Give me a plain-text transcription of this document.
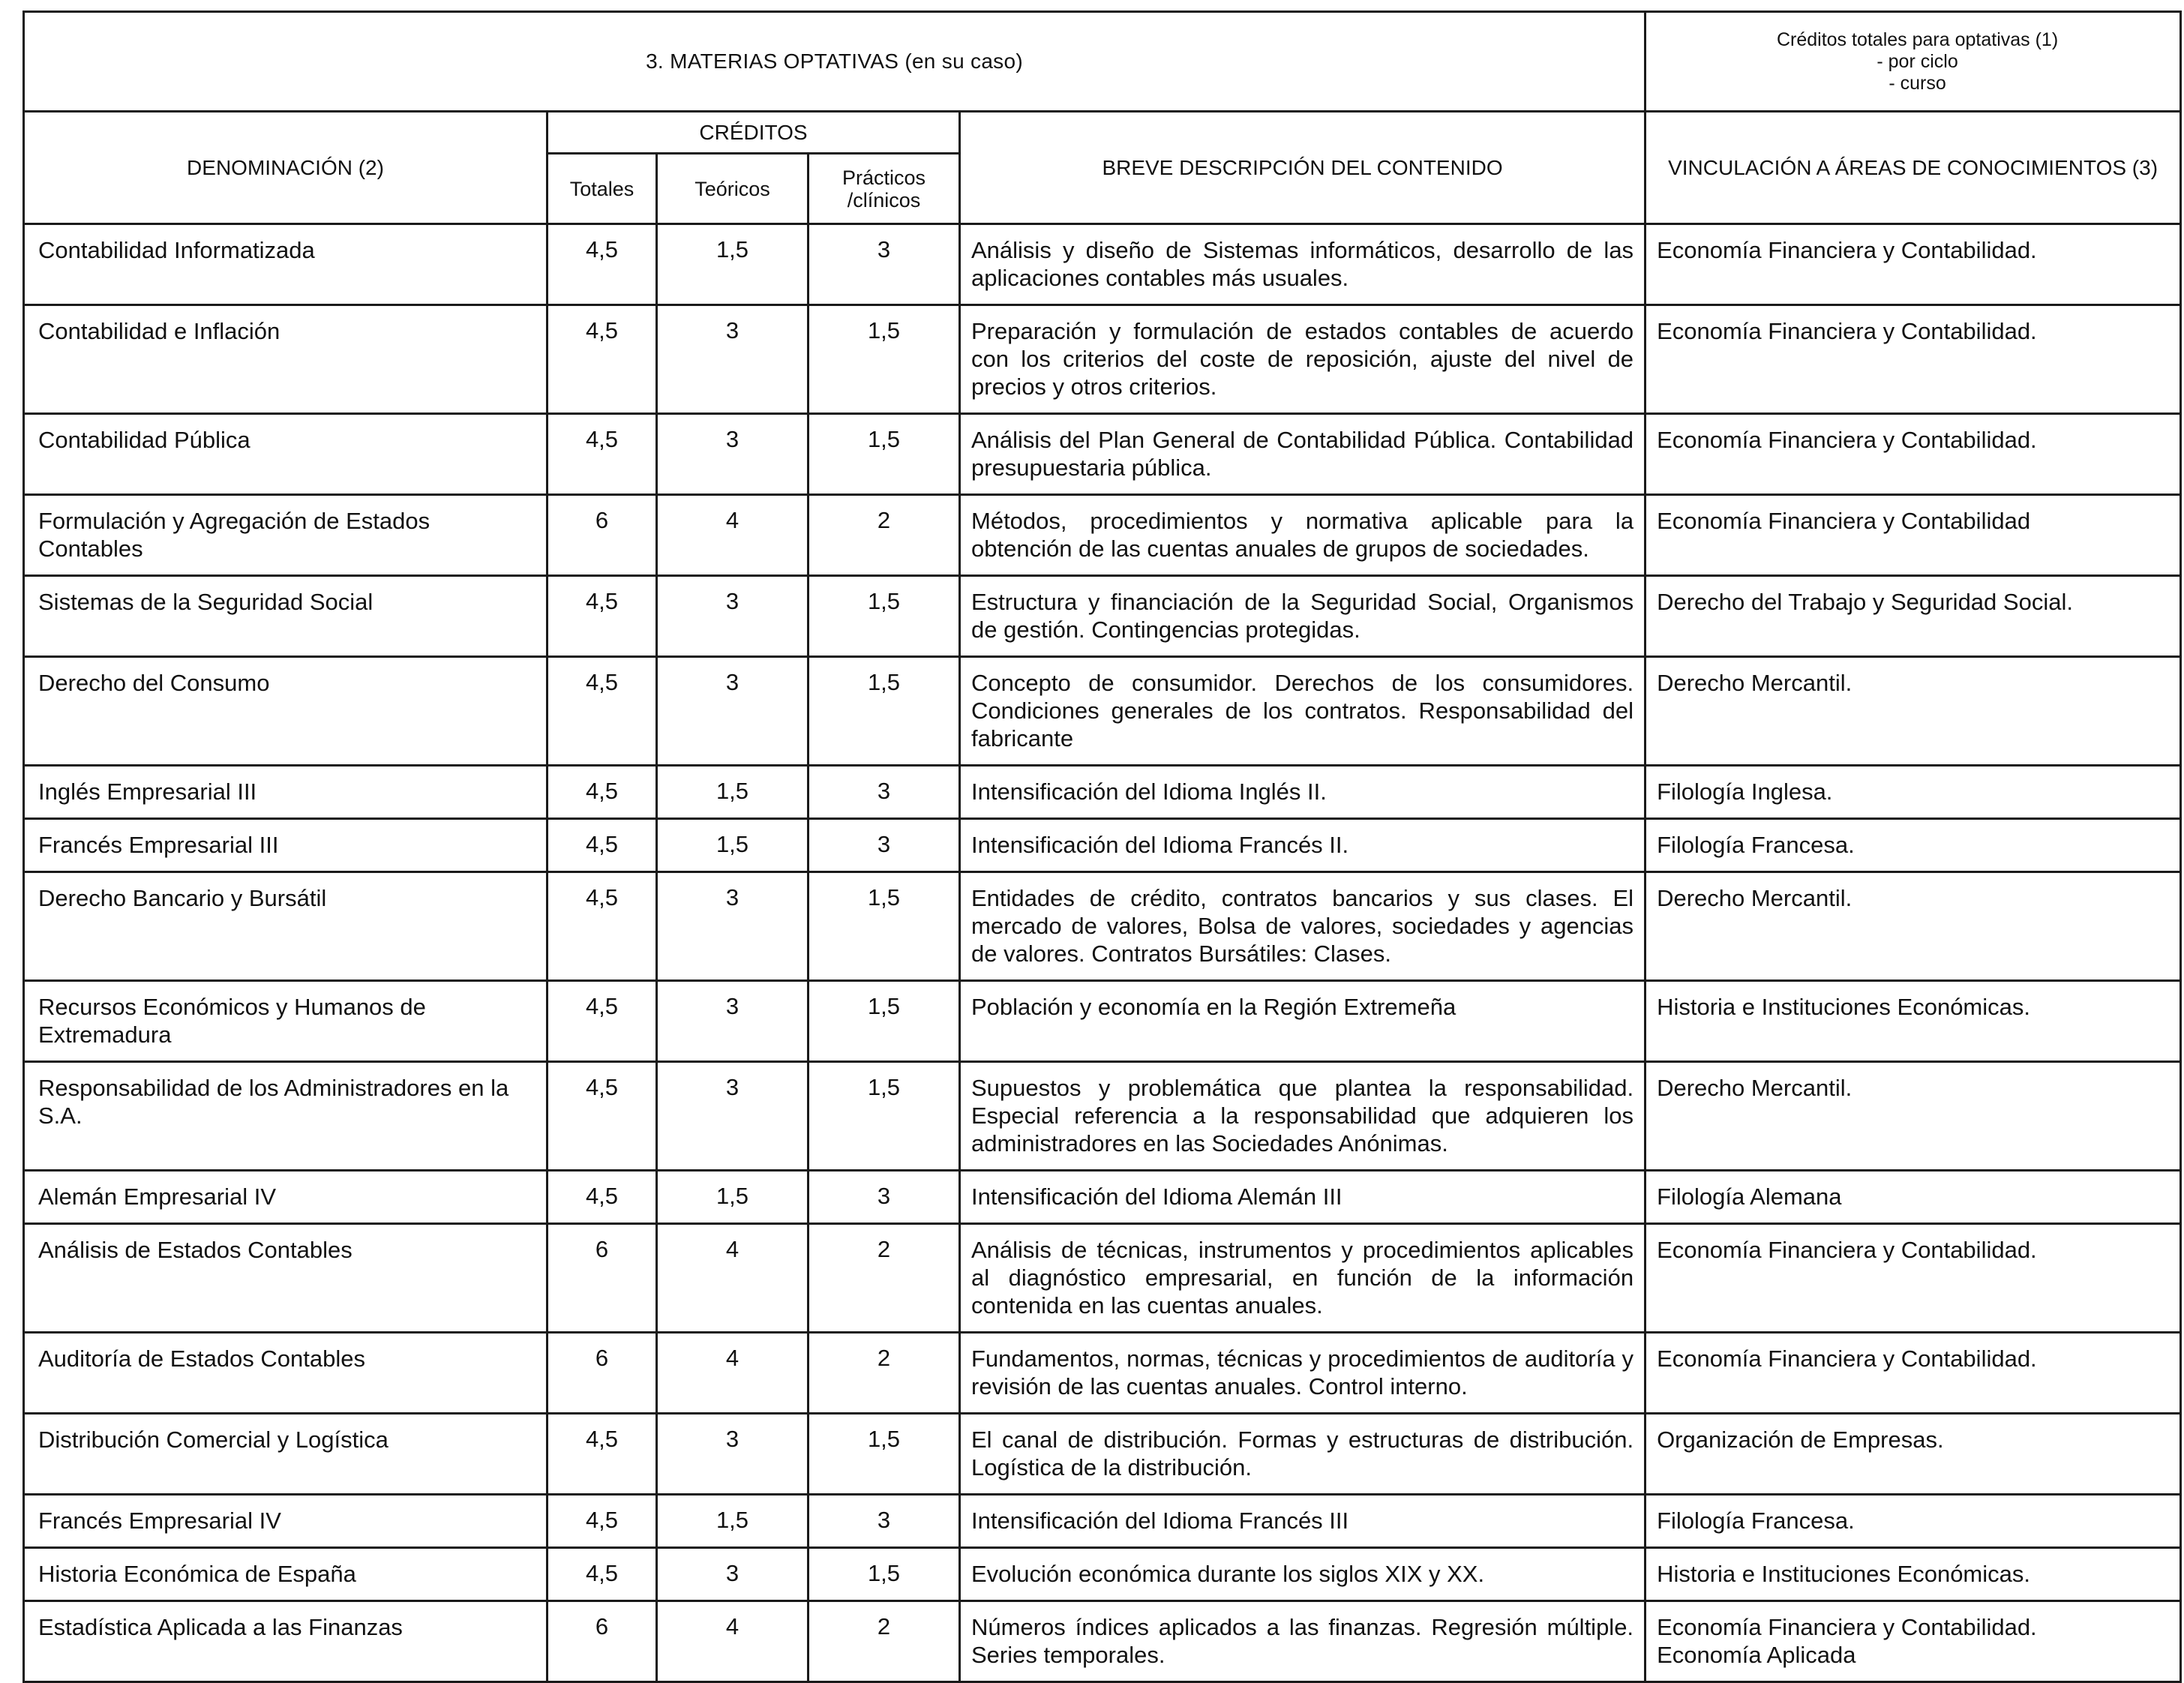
3. MATERIAS OPTATIVAS (en su caso)					Créditos totales para optativas (1)
- por ciclo
- curso

DENOMINACIÓN (2)	CRÉDITOS			BREVE DESCRIPCIÓN DEL CONTENIDO	VINCULACIÓN A ÁREAS DE CONOCIMIENTOS (3)
	Totales	Teóricos	Prácticos
/clínicos		

Contabilidad Informatizada	4,5	1,5	3	Análisis y diseño de Sistemas informáticos, desarrollo de las aplicaciones contables más usuales.	Economía Financiera y Contabilidad.

Contabilidad e Inflación	4,5	3	1,5	Preparación y formulación de estados contables de acuerdo con los criterios del coste de reposición, ajuste del nivel de precios y otros criterios.	Economía Financiera y Contabilidad.

Contabilidad Pública	4,5	3	1,5	Análisis del Plan General de Contabilidad Pública. Contabilidad presupuestaria pública.	Economía Financiera y Contabilidad.

Formulación y Agregación de Estados Contables	6	4	2	Métodos, procedimientos y normativa aplicable para la obtención de las cuentas anuales de grupos de sociedades.	Economía Financiera y Contabilidad

Sistemas de la Seguridad Social	4,5	3	1,5	Estructura y financiación de la Seguridad Social, Organismos de gestión. Contingencias protegidas.	Derecho del Trabajo y Seguridad Social.

Derecho del Consumo	4,5	3	1,5	Concepto de consumidor. Derechos de los consumidores. Condiciones generales de los contratos. Responsabilidad del fabricante	Derecho Mercantil.

Inglés Empresarial III	4,5	1,5	3	Intensificación del Idioma Inglés II.	Filología Inglesa.

Francés Empresarial III	4,5	1,5	3	Intensificación del Idioma Francés II.	Filología Francesa.

Derecho Bancario y Bursátil	4,5	3	1,5	Entidades de crédito, contratos bancarios y sus clases. El mercado de valores, Bolsa de valores, sociedades y agencias de valores. Contratos Bursátiles: Clases.	Derecho Mercantil.

Recursos Económicos y Humanos de Extremadura	4,5	3	1,5	Población y economía en la Región Extremeña	Historia e Instituciones Económicas.

Responsabilidad de los Administradores en la S.A.	4,5	3	1,5	Supuestos y problemática que plantea la responsabilidad. Especial referencia a la responsabilidad que adquieren los administradores en las Sociedades Anónimas.	Derecho Mercantil.

Alemán Empresarial IV	4,5	1,5	3	Intensificación del Idioma Alemán III	Filología Alemana

Análisis de Estados Contables	6	4	2	Análisis de técnicas, instrumentos y procedimientos aplicables al diagnóstico empresarial, en función de la información contenida en las cuentas anuales.	Economía Financiera y Contabilidad.

Auditoría de Estados Contables	6	4	2	Fundamentos, normas, técnicas y procedimientos de auditoría y revisión de las cuentas anuales. Control interno.	Economía Financiera y Contabilidad.

Distribución Comercial y Logística	4,5	3	1,5	El canal de distribución. Formas y estructuras de distribución. Logística de la distribución.	Organización de Empresas.

Francés Empresarial IV	4,5	1,5	3	Intensificación del Idioma Francés III	Filología Francesa.

Historia Económica de España	4,5	3	1,5	Evolución económica durante los siglos XIX y XX.	Historia e Instituciones Económicas.

Estadística Aplicada a las Finanzas	6	4	2	Números índices aplicados a las finanzas. Regresión múltiple. Series temporales.	Economía Financiera y Contabilidad.
Economía Aplicada
